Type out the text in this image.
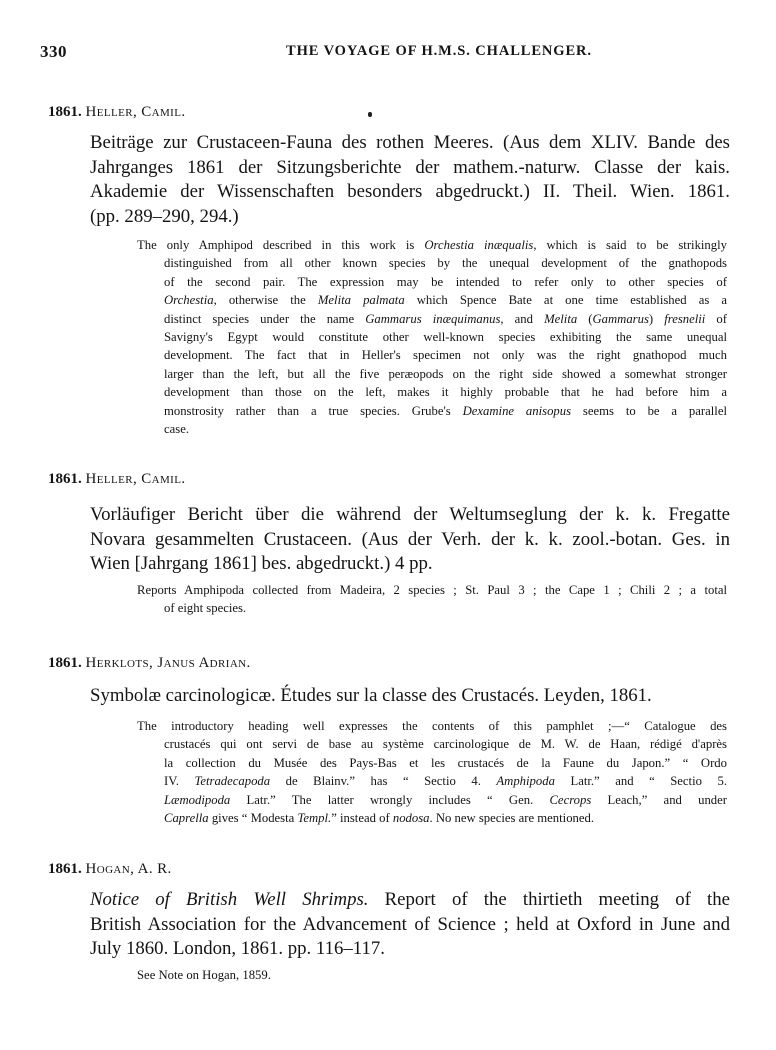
330	THE VOYAGE OF H.M.S. CHALLENGER.
1861. Heller, Camil.
Beiträge zur Crustaceen-Fauna des rothen Meeres. (Aus dem XLIV. Bande des
Jahrganges 1861 der Sitzungsberichte der mathem.-naturw. Classe der kais.
Akademie der Wissenschaften besonders abgedruckt.) II. Theil. Wien. 1861.
(pp. 289–290, 294.)
The only Amphipod described in this work is Orchestia inæqualis, which is said to be strikingly
distinguished from all other known species by the unequal development of the gnathopods
of the second pair. The expression may be intended to refer only to other species of
Orchestia, otherwise the Melita palmata which Spence Bate at one time established as a
distinct species under the name Gammarus inæquimanus, and Melita (Gammarus) fresnelii of
Savigny's Egypt would constitute other well-known species exhibiting the same unequal
development. The fact that in Heller's specimen not only was the right gnathopod much
larger than the left, but all the five peræopods on the right side showed a somewhat stronger
development than those on the left, makes it highly probable that he had before him a
monstrosity rather than a true species. Grube's Dexamine anisopus seems to be a parallel
case.
1861. Heller, Camil.
Vorläufiger Bericht über die während der Weltumseglung der k. k. Fregatte
Novara gesammelten Crustaceen. (Aus der Verh. der k. k. zool.-botan. Ges. in
Wien [Jahrgang 1861] bes. abgedruckt.) 4 pp.
Reports Amphipoda collected from Madeira, 2 species ; St. Paul 3 ; the Cape 1 ; Chili 2 ; a total
of eight species.
1861. Herklots, Janus Adrian.
Symbolæ carcinologicæ. Études sur la classe des Crustacés. Leyden, 1861.
The introductory heading well expresses the contents of this pamphlet ;—“ Catalogue des
crustacés qui ont servi de base au système carcinologique de M. W. de Haan, rédigé d'après
la collection du Musée des Pays-Bas et les crustacés de la Faune du Japon.” “ Ordo
IV. Tetradecapoda de Blainv.” has “ Sectio 4. Amphipoda Latr.” and “ Sectio 5.
Læmodipoda Latr.” The latter wrongly includes “ Gen. Cecrops Leach,” and under
Caprella gives “ Modesta Templ.” instead of nodosa. No new species are mentioned.
1861. Hogan, A. R.
Notice of British Well Shrimps. Report of the thirtieth meeting of the
British Association for the Advancement of Science ; held at Oxford in June and
July 1860. London, 1861. pp. 116–117.
See Note on Hogan, 1859.
